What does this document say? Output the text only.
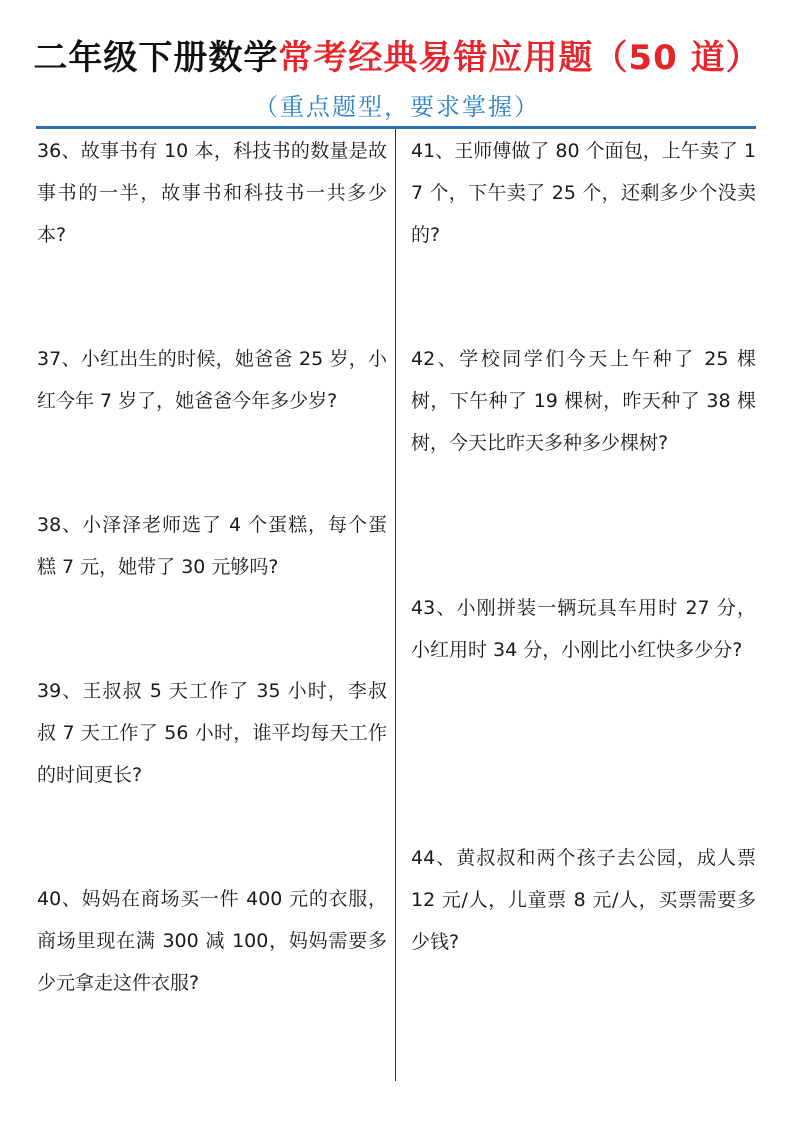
二年级下册数学常考经典易错应用题（50 道）
（重点题型，要求掌握）
36、故事书有 10 本，科技书的数量是故事书的一半，故事书和科技书一共多少本?
37、小红出生的时候，她爸爸 25 岁，小红今年 7 岁了，她爸爸今年多少岁?
38、小泽泽老师选了 4 个蛋糕，每个蛋糕 7 元，她带了 30 元够吗?
39、王叔叔 5 天工作了 35 小时，李叔叔 7 天工作了 56 小时，谁平均每天工作的时间更长?
40、妈妈在商场买一件 400 元的衣服，商场里现在满 300 减 100，妈妈需要多少元拿走这件衣服?
41、王师傅做了 80 个面包，上午卖了 17 个，下午卖了 25 个，还剩多少个没卖的?
42、学校同学们今天上午种了 25 棵树，下午种了 19 棵树，昨天种了 38 棵树，今天比昨天多种多少棵树?
43、小刚拼装一辆玩具车用时 27 分，小红用时 34 分，小刚比小红快多少分?
44、黄叔叔和两个孩子去公园，成人票 12 元/人，儿童票 8 元/人，买票需要多少钱?
